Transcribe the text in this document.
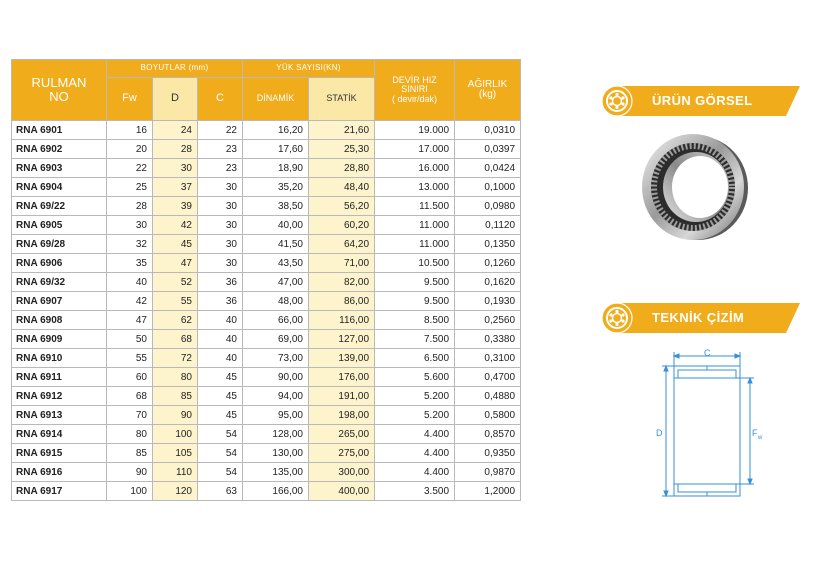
RULMAN
NO	BOYUTLAR (mm)			YÜK SAYISI(KN)		DEVİR HIZ
SINIRI
( devir/dak)	AĞIRLIK
(kg)
	Fw	D	C	DİNAMİK	STATİK		
RNA 6901	16	24	22	16,20	21,60	19.000	0,0310
RNA 6902	20	28	23	17,60	25,30	17.000	0,0397
RNA 6903	22	30	23	18,90	28,80	16.000	0,0424
RNA 6904	25	37	30	35,20	48,40	13.000	0,1000
RNA 69/22	28	39	30	38,50	56,20	11.500	0,0980
RNA 6905	30	42	30	40,00	60,20	11.000	0,1120
RNA 69/28	32	45	30	41,50	64,20	11.000	0,1350
RNA 6906	35	47	30	43,50	71,00	10.500	0,1260
RNA 69/32	40	52	36	47,00	82,00	9.500	0,1620
RNA 6907	42	55	36	48,00	86,00	9.500	0,1930
RNA 6908	47	62	40	66,00	116,00	8.500	0,2560
RNA 6909	50	68	40	69,00	127,00	7.500	0,3380
RNA 6910	55	72	40	73,00	139,00	6.500	0,3100
RNA 6911	60	80	45	90,00	176,00	5.600	0,4700
RNA 6912	68	85	45	94,00	191,00	5.200	0,4880
RNA 6913	70	90	45	95,00	198,00	5.200	0,5800
RNA 6914	80	100	54	128,00	265,00	4.400	0,8570
RNA 6915	85	105	54	130,00	275,00	4.400	0,9350
RNA 6916	90	110	54	135,00	300,00	4.400	0,9870
RNA 6917	100	120	63	166,00	400,00	3.500	1,2000
ÜRÜN GÖRSEL
TEKNİK ÇİZİM
C
D	F w
